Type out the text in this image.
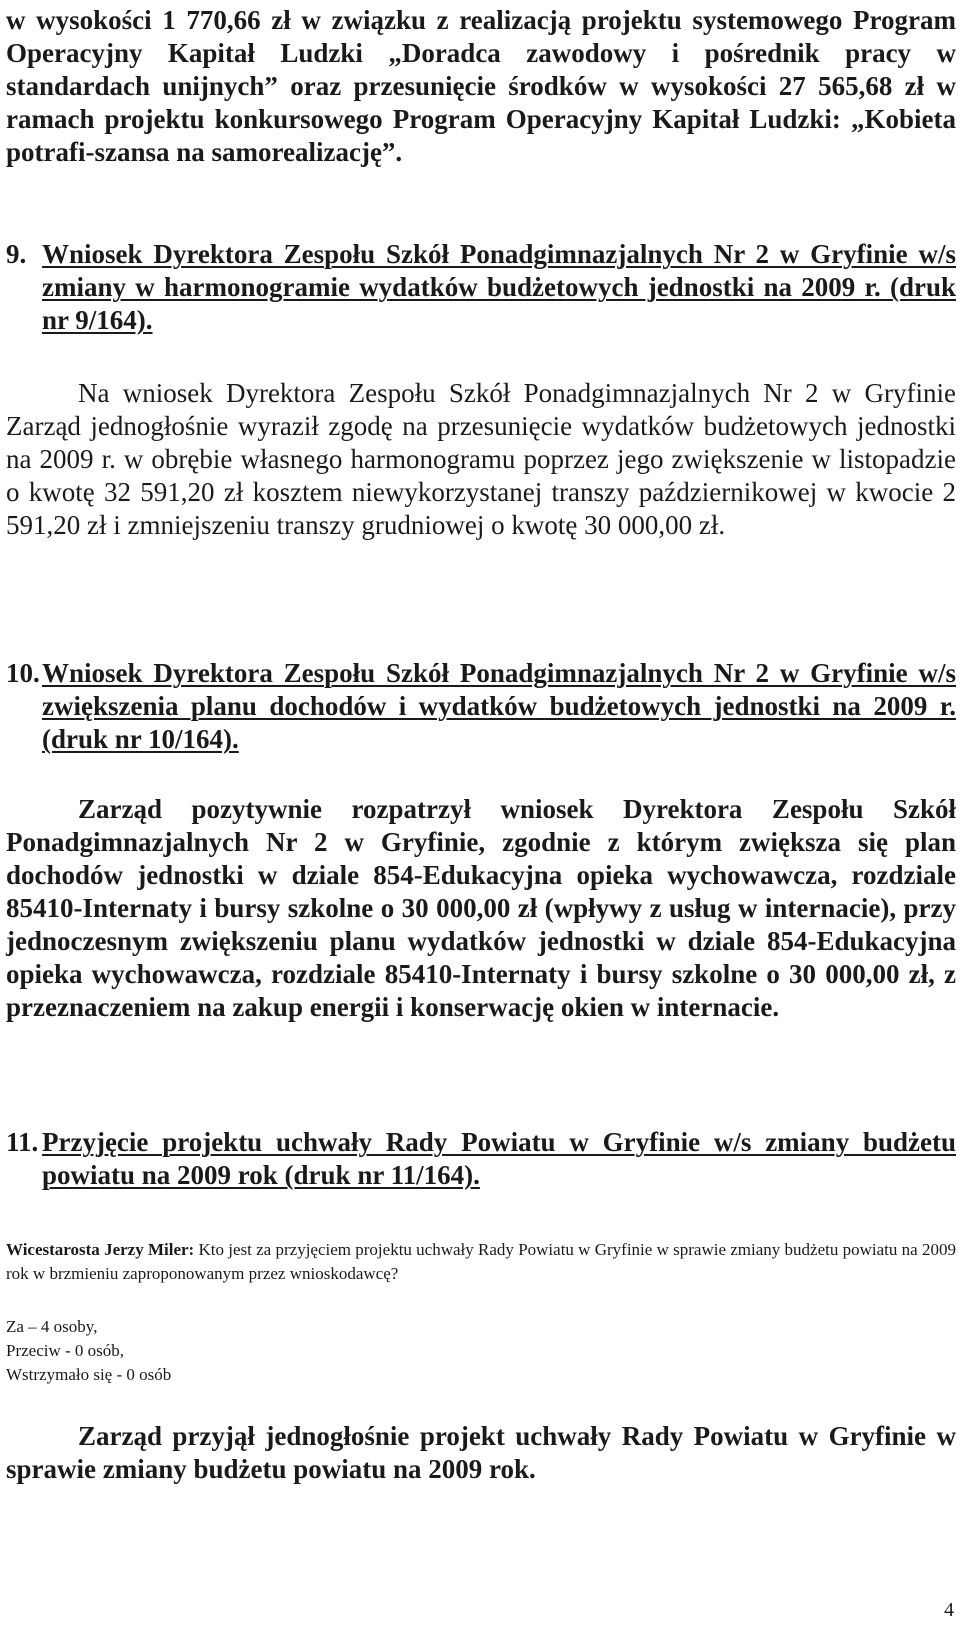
w wysokości 1 770,66 zł w związku z realizacją projektu systemowego Program Operacyjny Kapitał Ludzki „Doradca zawodowy i pośrednik pracy w standardach unijnych” oraz przesunięcie środków w wysokości 27 565,68 zł w ramach projektu konkursowego Program Operacyjny Kapitał Ludzki: „Kobieta potrafi-szansa na samorealizację”.

9. Wniosek Dyrektora Zespołu Szkół Ponadgimnazjalnych Nr 2 w Gryfinie w/s zmiany w harmonogramie wydatków budżetowych jednostki na 2009 r. (druk nr 9/164).

Na wniosek Dyrektora Zespołu Szkół Ponadgimnazjalnych Nr 2 w Gryfinie Zarząd jednogłośnie wyraził zgodę na przesunięcie wydatków budżetowych jednostki na 2009 r. w obrębie własnego harmonogramu poprzez jego zwiększenie w listopadzie o kwotę 32 591,20 zł kosztem niewykorzystanej transzy październikowej w kwocie 2 591,20 zł i zmniejszeniu transzy grudniowej o kwotę 30 000,00 zł.

10. Wniosek Dyrektora Zespołu Szkół Ponadgimnazjalnych Nr 2 w Gryfinie w/s zwiększenia planu dochodów i wydatków budżetowych jednostki na 2009 r. (druk nr 10/164).

Zarząd pozytywnie rozpatrzył wniosek Dyrektora Zespołu Szkół Ponadgimnazjalnych Nr 2 w Gryfinie, zgodnie z którym zwiększa się plan dochodów jednostki w dziale 854-Edukacyjna opieka wychowawcza, rozdziale 85410-Internaty i bursy szkolne o 30 000,00 zł (wpływy z usług w internacie), przy jednoczesnym zwiększeniu planu wydatków jednostki w dziale 854-Edukacyjna opieka wychowawcza, rozdziale 85410-Internaty i bursy szkolne o 30 000,00 zł, z przeznaczeniem na zakup energii i konserwację okien w internacie.

11. Przyjęcie projektu uchwały Rady Powiatu w Gryfinie w/s zmiany budżetu powiatu na 2009 rok (druk nr 11/164).

Wicestarosta Jerzy Miler: Kto jest za przyjęciem projektu uchwały Rady Powiatu w Gryfinie w sprawie zmiany budżetu powiatu na 2009 rok w brzmieniu zaproponowanym przez wnioskodawcę?

Za – 4 osoby,
Przeciw - 0 osób,
Wstrzymało się - 0 osób

Zarząd przyjął jednogłośnie projekt uchwały Rady Powiatu w Gryfinie w sprawie zmiany budżetu powiatu na 2009 rok.

4
